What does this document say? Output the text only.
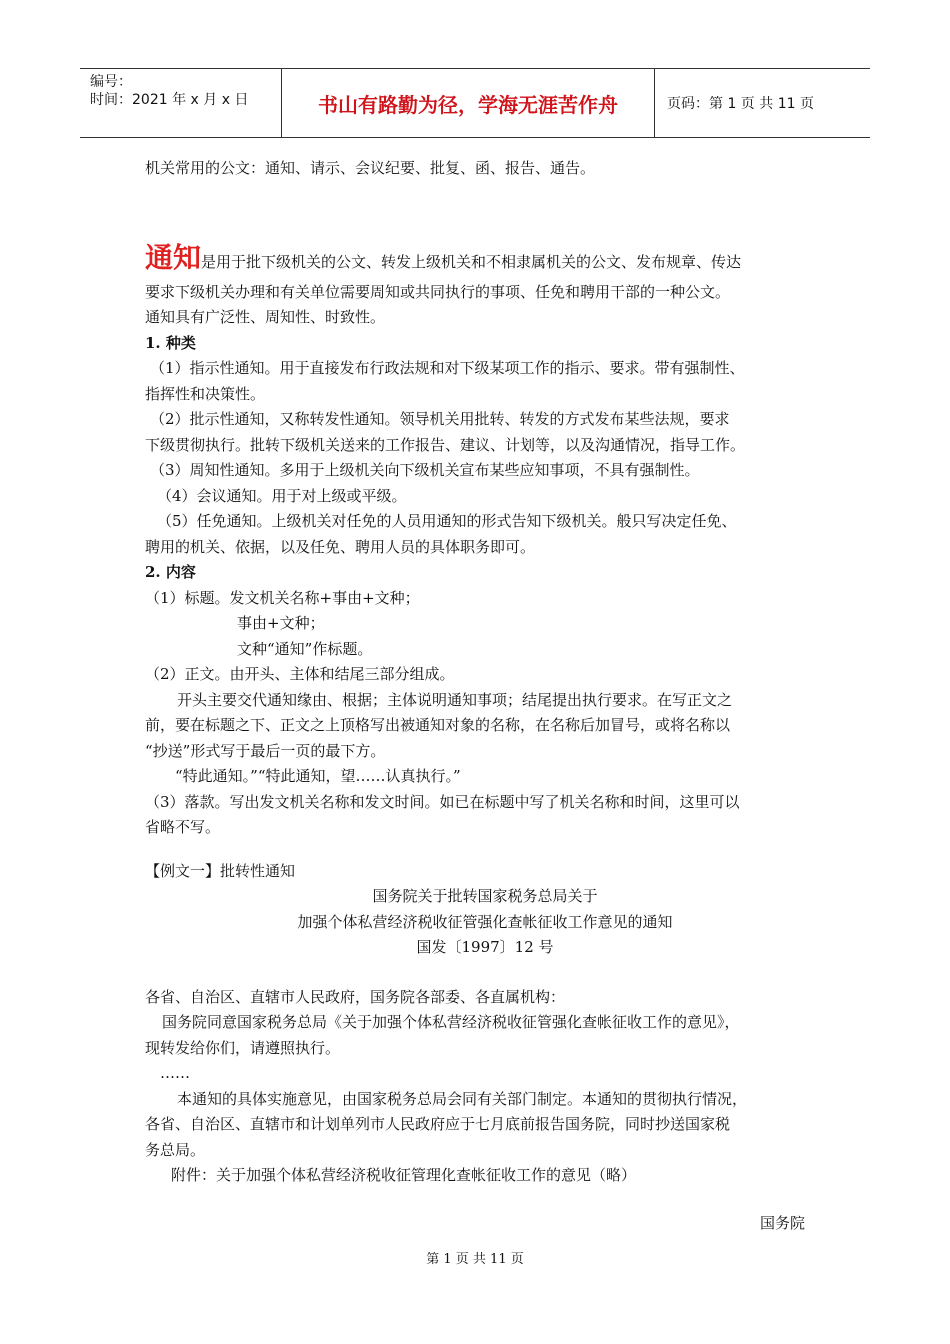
编号：
时间：2021 年 x 月 x 日	书山有路勤为径，学海无涯苦作舟	页码：第 1 页 共 11 页
机关常用的公文：通知、请示、会议纪要、批复、函、报告、通告。
通知是用于批下级机关的公文、转发上级机关和不相隶属机关的公文、发布规章、传达
要求下级机关办理和有关单位需要周知或共同执行的事项、任免和聘用干部的一种公文。
通知具有广泛性、周知性、时致性。
1. 种类
（1）指示性通知。用于直接发布行政法规和对下级某项工作的指示、要求。带有强制性、
指挥性和决策性。
（2）批示性通知，又称转发性通知。领导机关用批转、转发的方式发布某些法规，要求
下级贯彻执行。批转下级机关送来的工作报告、建议、计划等，以及沟通情况，指导工作。
（3）周知性通知。多用于上级机关向下级机关宣布某些应知事项，不具有强制性。
（4）会议通知。用于对上级或平级。
（5）任免通知。上级机关对任免的人员用通知的形式告知下级机关。般只写决定任免、
聘用的机关、依据，以及任免、聘用人员的具体职务即可。
2. 内容
（1）标题。发文机关名称+事由+文种；
事由+文种；
文种“通知”作标题。
（2）正文。由开头、主体和结尾三部分组成。
开头主要交代通知缘由、根据；主体说明通知事项；结尾提出执行要求。在写正文之
前，要在标题之下、正文之上顶格写出被通知对象的名称，在名称后加冒号，或将名称以
“抄送”形式写于最后一页的最下方。
“特此通知。”“特此通知，望……认真执行。”
（3）落款。写出发文机关名称和发文时间。如已在标题中写了机关名称和时间，这里可以
省略不写。
【例文一】批转性通知
国务院关于批转国家税务总局关于
加强个体私营经济税收征管强化查帐征收工作意见的通知
国发〔1997〕12 号
各省、自治区、直辖市人民政府，国务院各部委、各直属机构：
国务院同意国家税务总局《关于加强个体私营经济税收征管强化查帐征收工作的意见》，
现转发给你们，请遵照执行。
……
本通知的具体实施意见，由国家税务总局会同有关部门制定。本通知的贯彻执行情况，
各省、自治区、直辖市和计划单列市人民政府应于七月底前报告国务院，同时抄送国家税
务总局。
附件：关于加强个体私营经济税收征管理化查帐征收工作的意见（略）
国务院
第 1 页 共 11 页
